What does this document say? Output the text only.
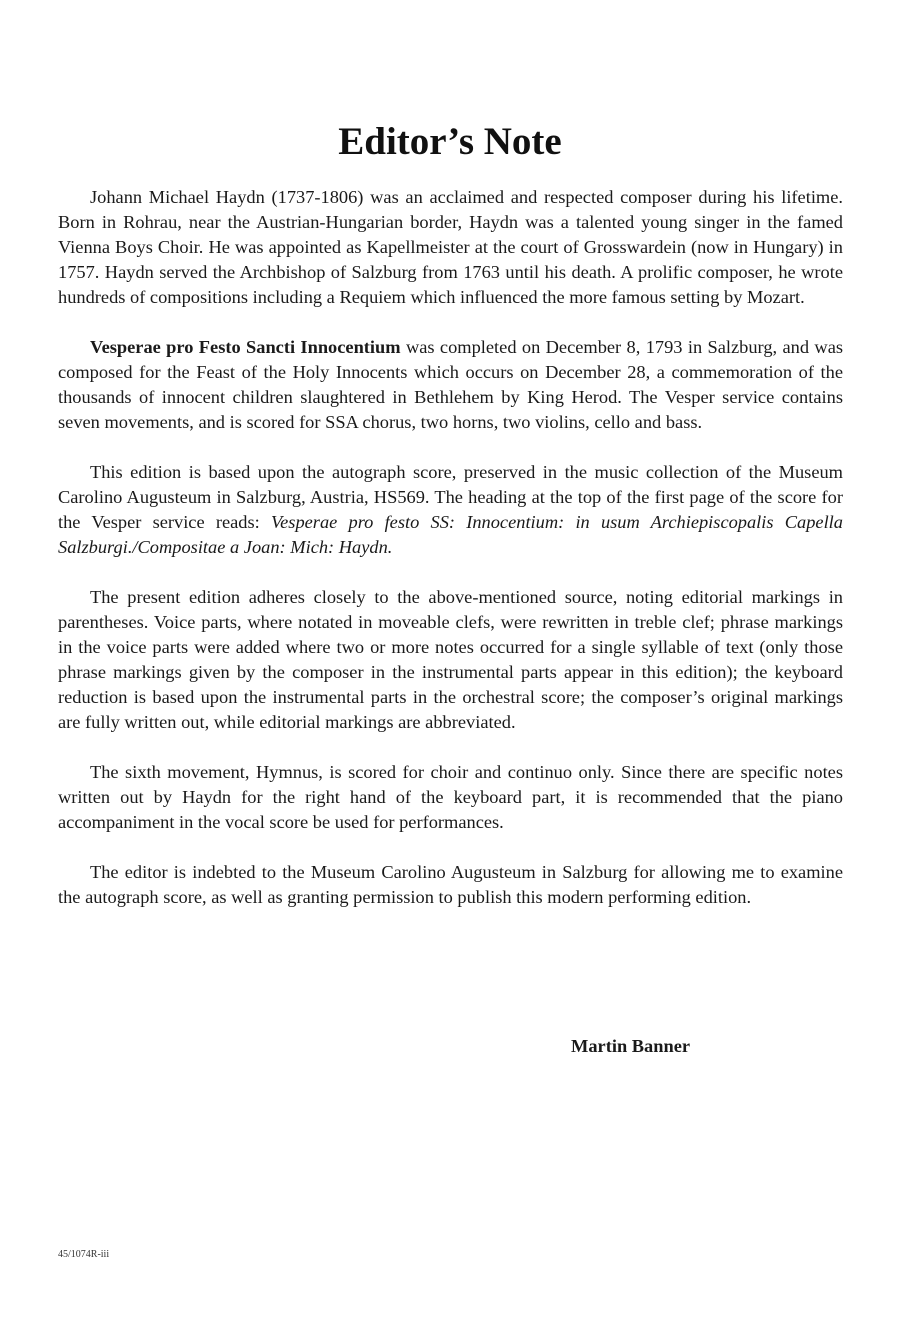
Editor’s Note

Johann Michael Haydn (1737-1806) was an acclaimed and respected composer during his lifetime. Born in Rohrau, near the Austrian-Hungarian border, Haydn was a talented young singer in the famed Vienna Boys Choir. He was appointed as Kapellmeister at the court of Grosswardein (now in Hungary) in 1757. Haydn served the Archbishop of Salzburg from 1763 until his death. A prolific composer, he wrote hundreds of compositions including a Requiem which influenced the more famous setting by Mozart.

Vesperae pro Festo Sancti Innocentium was completed on December 8, 1793 in Salzburg, and was composed for the Feast of the Holy Innocents which occurs on December 28, a commemoration of the thousands of innocent children slaughtered in Bethlehem by King Herod. The Vesper service contains seven movements, and is scored for SSA chorus, two horns, two violins, cello and bass.

This edition is based upon the autograph score, preserved in the music collection of the Museum Carolino Augusteum in Salzburg, Austria, HS569. The heading at the top of the first page of the score for the Vesper service reads: Vesperae pro festo SS: Innocentium: in usum Archiepiscopalis Capella Salzburgi./Compositae a Joan: Mich: Haydn.

The present edition adheres closely to the above-mentioned source, noting editorial markings in parentheses. Voice parts, where notated in moveable clefs, were rewritten in treble clef; phrase markings in the voice parts were added where two or more notes occurred for a single syllable of text (only those phrase markings given by the composer in the instrumental parts appear in this edition); the keyboard reduction is based upon the instrumental parts in the orchestral score; the composer’s original markings are fully written out, while editorial markings are abbreviated.

The sixth movement, Hymnus, is scored for choir and continuo only. Since there are specific notes written out by Haydn for the right hand of the keyboard part, it is recommended that the piano accompaniment in the vocal score be used for performances.

The editor is indebted to the Museum Carolino Augusteum in Salzburg for allowing me to examine the autograph score, as well as granting permission to publish this modern performing edition.

Martin Banner

45/1074R-iii
